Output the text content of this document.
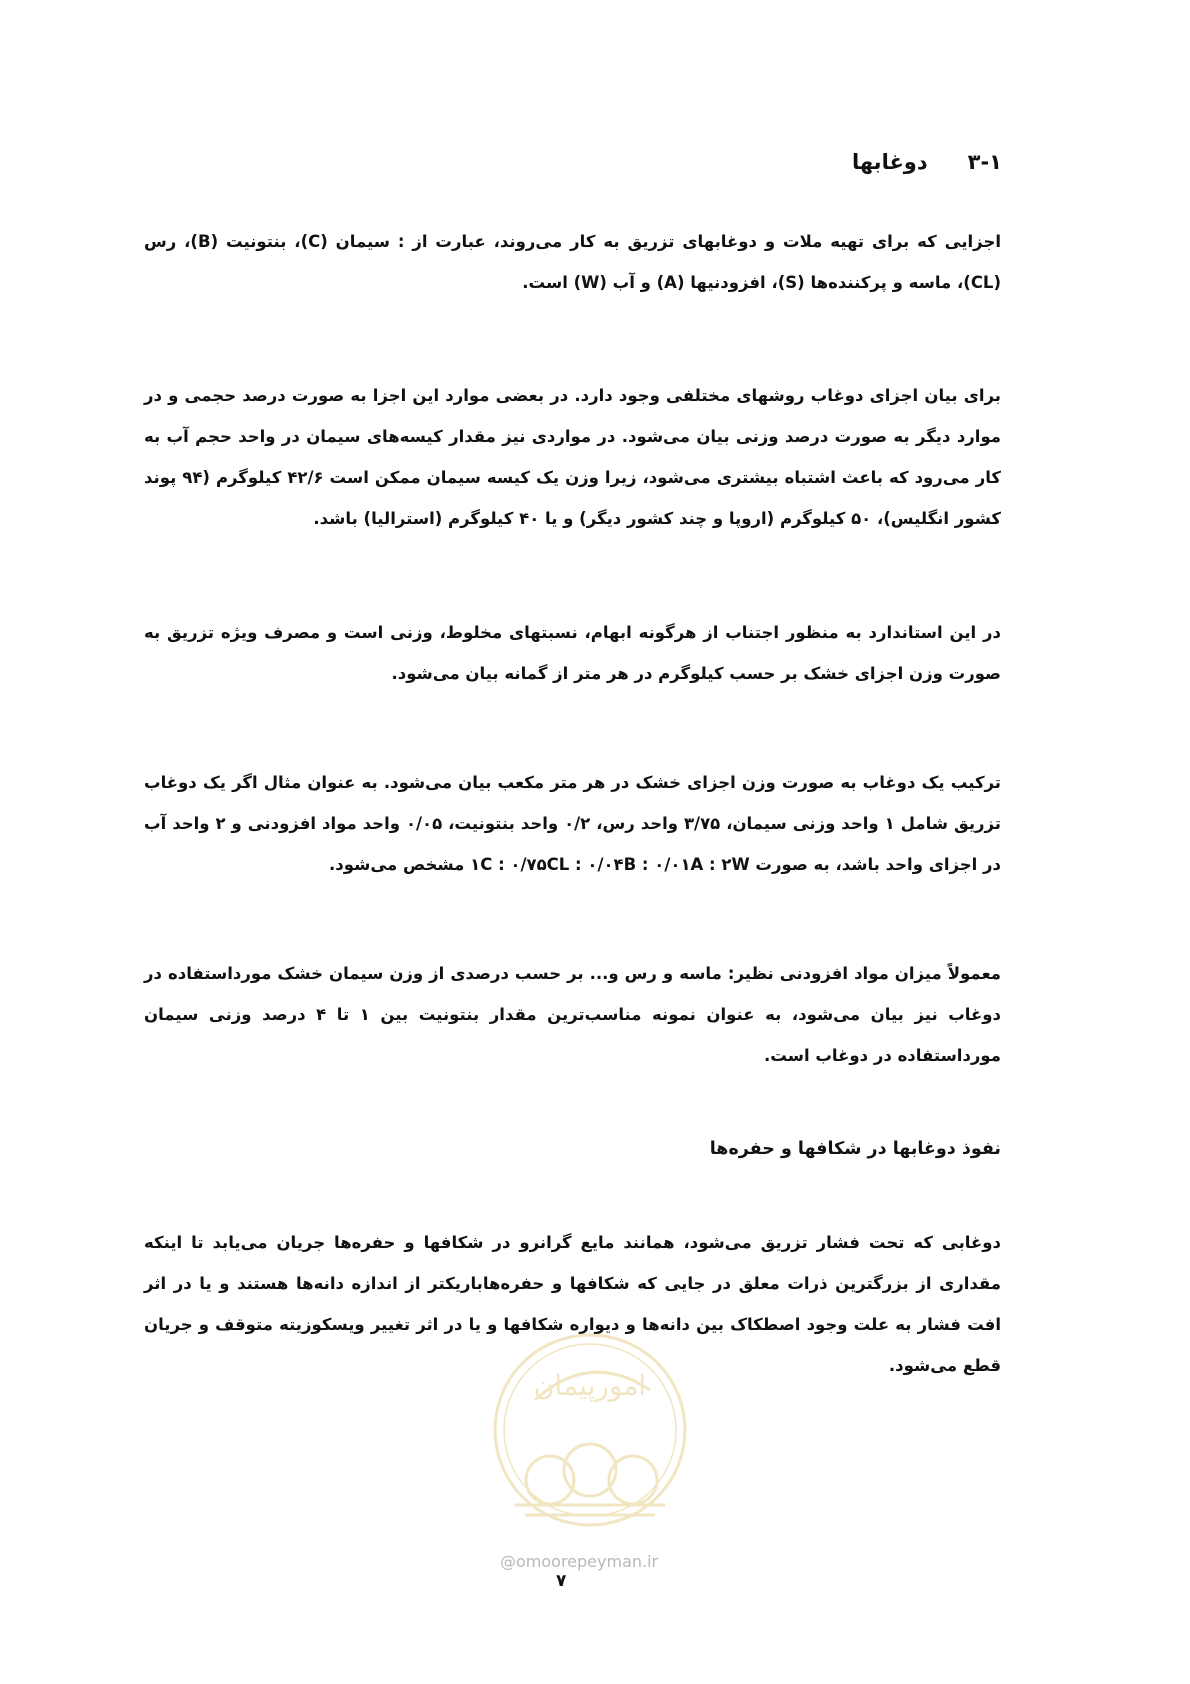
۳-۱
دوغابها

اجزایی که برای تهیه ملات و دوغابهای تزریق به کار می‌روند، عبارت از : سیمان (C)، بنتونیت (B)، رس (CL)، ماسه و پرکننده‌ها (S)، افزودنیها (A) و آب (W) است.

برای بیان اجزای دوغاب روشهای مختلفی وجود دارد. در بعضی موارد این اجزا به صورت درصد حجمی و در موارد دیگر به صورت درصد وزنی بیان می‌شود. در مواردی نیز مقدار کیسه‌های سیمان در واحد حجم آب به کار می‌رود که باعث اشتباه بیشتری می‌شود، زیرا وزن یک کیسه سیمان ممکن است ۴۲/۶ کیلوگرم (۹۴ پوند کشور انگلیس)، ۵۰ کیلوگرم (اروپا و چند کشور دیگر) و یا ۴۰ کیلوگرم (استرالیا) باشد.

در این استاندارد به منظور اجتناب از هرگونه ابهام، نسبتهای مخلوط، وزنی است و مصرف ویژه تزریق به صورت وزن اجزای خشک بر حسب کیلوگرم در هر متر از گمانه بیان می‌شود.

ترکیب یک دوغاب به صورت وزن اجزای خشک در هر متر مکعب بیان می‌شود. به عنوان مثال اگر یک دوغاب تزریق شامل ۱ واحد وزنی سیمان، ۳/۷۵ واحد رس، ۰/۲ واحد بنتونیت، ۰/۰۵ واحد مواد افزودنی و ۲ واحد آب در اجزای واحد باشد، به صورت ۱C : ۰/۷۵CL : ۰/۰۴B : ۰/۰۱A : ۲W مشخص می‌شود.

معمولاً میزان مواد افزودنی نظیر: ماسه و رس و... بر حسب درصدی از وزن سیمان خشک مورداستفاده در دوغاب نیز بیان می‌شود، به عنوان نمونه مناسب‌ترین مقدار بنتونیت بین ۱ تا ۴ درصد وزنی سیمان مورداستفاده در دوغاب است.

نفوذ دوغابها در شکافها و حفره‌ها

دوغابی که تحت فشار تزریق می‌شود، همانند مایع گرانرو در شکافها و حفره‌ها جریان می‌یابد تا اینکه مقداری از بزرگترین ذرات معلق در جایی که شکافها و حفره‌هاباریکتر از اندازه دانه‌ها هستند و یا در اثر افت فشار به علت وجود اصطکاک بین دانه‌ها و دیواره شکافها و یا در اثر تغییر ویسکوزیته متوقف و جریان قطع می‌شود.

امورپیمان
@omoorepeyman.ir
۷
